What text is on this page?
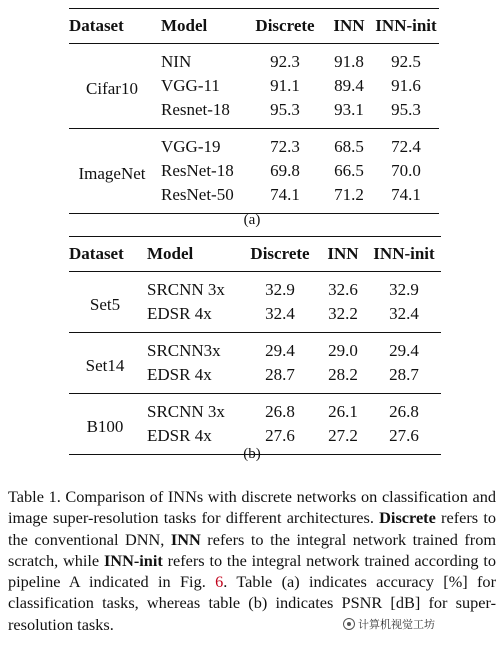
Dataset	Model	Discrete	INN	INN-init
Cifar10	NIN	92.3	91.8	92.5
	VGG-11	91.1	89.4	91.6
	Resnet-18	95.3	93.1	95.3
ImageNet	VGG-19	72.3	68.5	72.4
	ResNet-18	69.8	66.5	70.0
	ResNet-50	74.1	71.2	74.1
(a)
Dataset	Model	Discrete	INN	INN-init
Set5	SRCNN 3x	32.9	32.6	32.9
	EDSR 4x	32.4	32.2	32.4
Set14	SRCNN3x	29.4	29.0	29.4
	EDSR 4x	28.7	28.2	28.7
B100	SRCNN 3x	26.8	26.1	26.8
	EDSR 4x	27.6	27.2	27.6
(b)
Table 1. Comparison of INNs with discrete networks on classification and image super-resolution tasks for different architectures. Discrete refers to the conventional DNN, INN refers to the integral network trained from scratch, while INN-init refers to the integral network trained according to pipeline A indicated in Fig. 6. Table (a) indicates accuracy [%] for classification tasks, whereas table (b) indicates PSNR [dB] for super-resolution tasks.	计算机视觉工坊
